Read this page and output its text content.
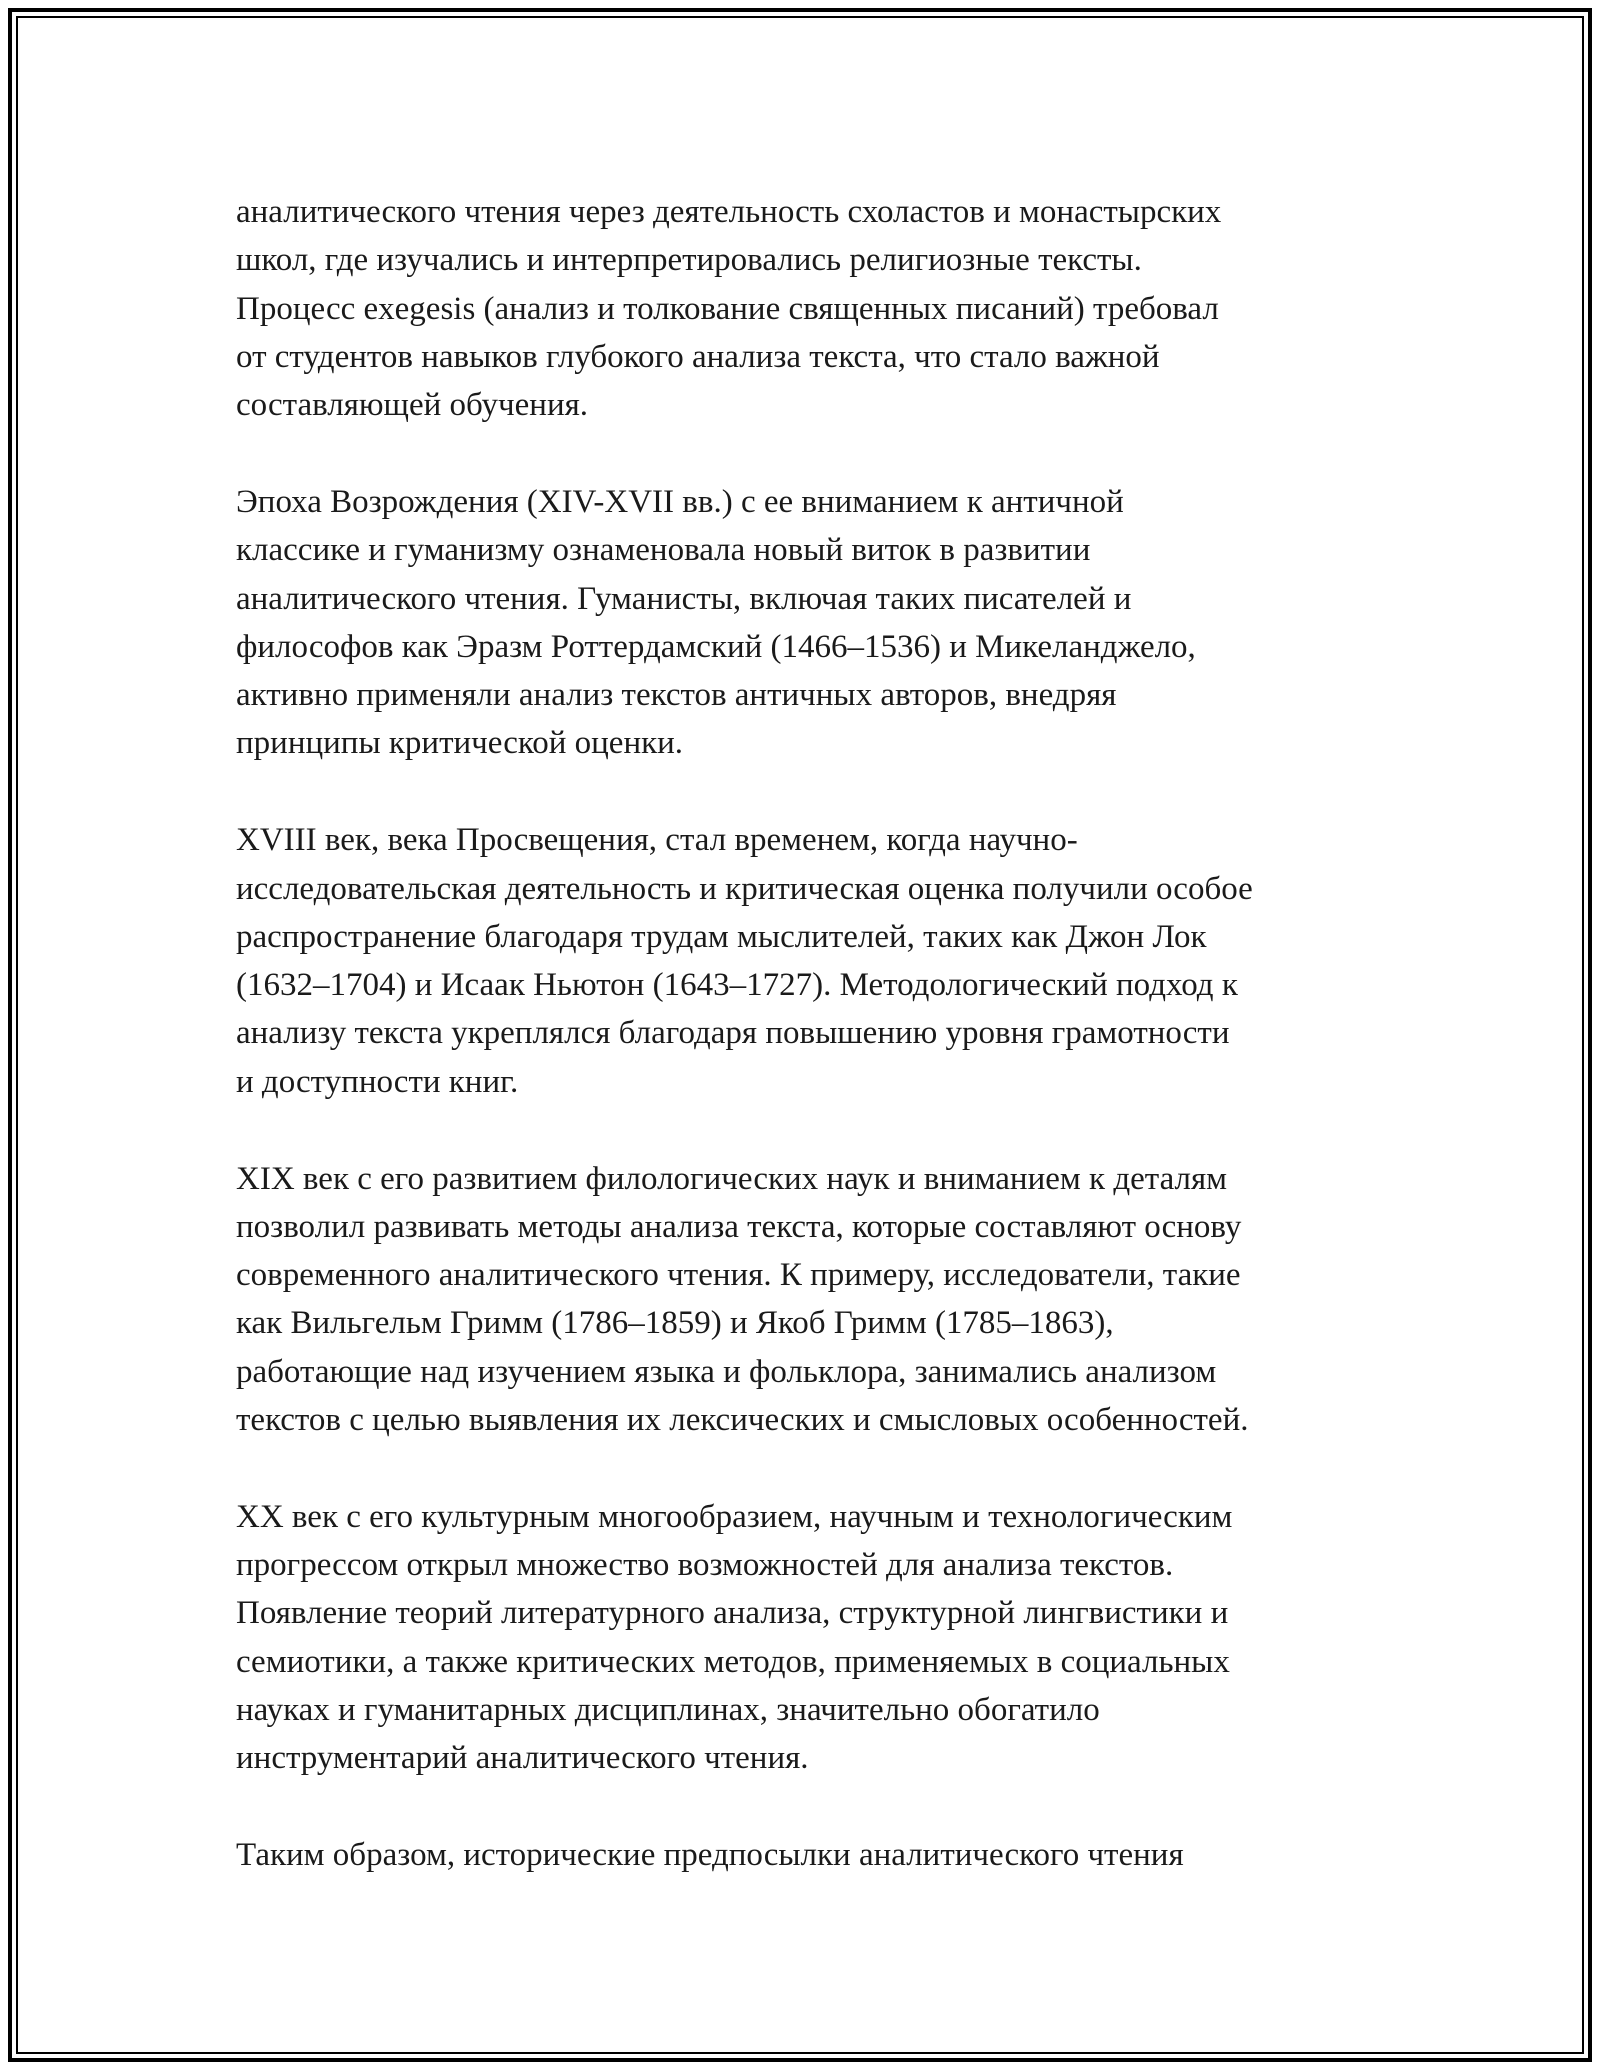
аналитического чтения через деятельность схоластов и монастырских
школ, где изучались и интерпретировались религиозные тексты.
Процесс exegesis (анализ и толкование священных писаний) требовал
от студентов навыков глубокого анализа текста, что стало важной
составляющей обучения.

Эпоха Возрождения (XIV-XVII вв.) с ее вниманием к античной
классике и гуманизму ознаменовала новый виток в развитии
аналитического чтения. Гуманисты, включая таких писателей и
философов как Эразм Роттердамский (1466–1536) и Микеланджело,
активно применяли анализ текстов античных авторов, внедряя
принципы критической оценки.

XVIII век, века Просвещения, стал временем, когда научно-
исследовательская деятельность и критическая оценка получили особое
распространение благодаря трудам мыслителей, таких как Джон Лок
(1632–1704) и Исаак Ньютон (1643–1727). Методологический подход к
анализу текста укреплялся благодаря повышению уровня грамотности
и доступности книг.

XIX век с его развитием филологических наук и вниманием к деталям
позволил развивать методы анализа текста, которые составляют основу
современного аналитического чтения. К примеру, исследователи, такие
как Вильгельм Гримм (1786–1859) и Якоб Гримм (1785–1863),
работающие над изучением языка и фольклора, занимались анализом
текстов с целью выявления их лексических и смысловых особенностей.

XX век с его культурным многообразием, научным и технологическим
прогрессом открыл множество возможностей для анализа текстов.
Появление теорий литературного анализа, структурной лингвистики и
семиотики, а также критических методов, применяемых в социальных
науках и гуманитарных дисциплинах, значительно обогатило
инструментарий аналитического чтения.

Таким образом, исторические предпосылки аналитического чтения
